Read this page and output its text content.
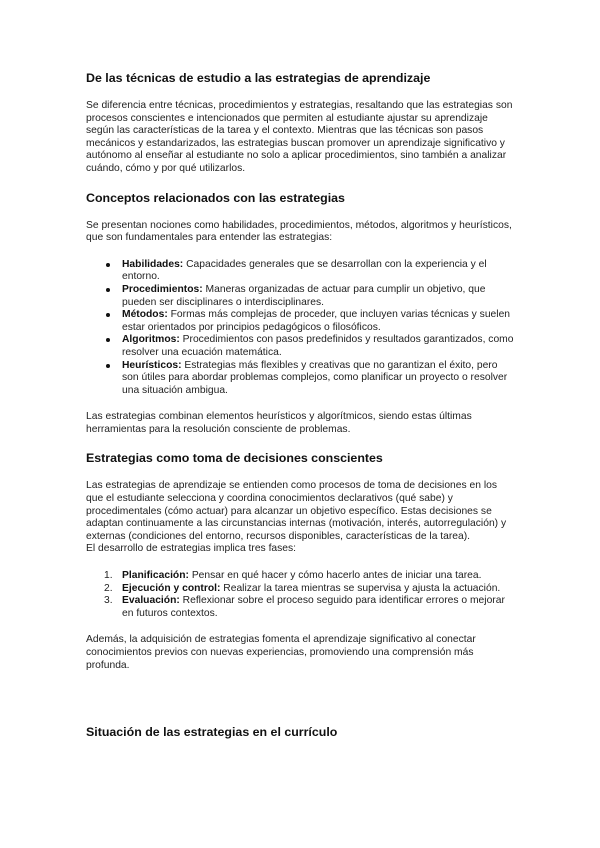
De las técnicas de estudio a las estrategias de aprendizaje

Se diferencia entre técnicas, procedimientos y estrategias, resaltando que las estrategias son procesos conscientes e intencionados que permiten al estudiante ajustar su aprendizaje según las características de la tarea y el contexto. Mientras que las técnicas son pasos mecánicos y estandarizados, las estrategias buscan promover un aprendizaje significativo y autónomo al enseñar al estudiante no solo a aplicar procedimientos, sino también a analizar cuándo, cómo y por qué utilizarlos.

Conceptos relacionados con las estrategias

Se presentan nociones como habilidades, procedimientos, métodos, algoritmos y heurísticos, que son fundamentales para entender las estrategias:

Habilidades: Capacidades generales que se desarrollan con la experiencia y el entorno.
Procedimientos: Maneras organizadas de actuar para cumplir un objetivo, que pueden ser disciplinares o interdisciplinares.
Métodos: Formas más complejas de proceder, que incluyen varias técnicas y suelen estar orientados por principios pedagógicos o filosóficos.
Algoritmos: Procedimientos con pasos predefinidos y resultados garantizados, como resolver una ecuación matemática.
Heurísticos: Estrategias más flexibles y creativas que no garantizan el éxito, pero son útiles para abordar problemas complejos, como planificar un proyecto o resolver una situación ambigua.

Las estrategias combinan elementos heurísticos y algorítmicos, siendo estas últimas herramientas para la resolución consciente de problemas.

Estrategias como toma de decisiones conscientes

Las estrategias de aprendizaje se entienden como procesos de toma de decisiones en los que el estudiante selecciona y coordina conocimientos declarativos (qué sabe) y procedimentales (cómo actuar) para alcanzar un objetivo específico. Estas decisiones se adaptan continuamente a las circunstancias internas (motivación, interés, autorregulación) y externas (condiciones del entorno, recursos disponibles, características de la tarea).

El desarrollo de estrategias implica tres fases:

1. Planificación: Pensar en qué hacer y cómo hacerlo antes de iniciar una tarea.
2. Ejecución y control: Realizar la tarea mientras se supervisa y ajusta la actuación.
3. Evaluación: Reflexionar sobre el proceso seguido para identificar errores o mejorar en futuros contextos.

Además, la adquisición de estrategias fomenta el aprendizaje significativo al conectar conocimientos previos con nuevas experiencias, promoviendo una comprensión más profunda.

Situación de las estrategias en el currículo
